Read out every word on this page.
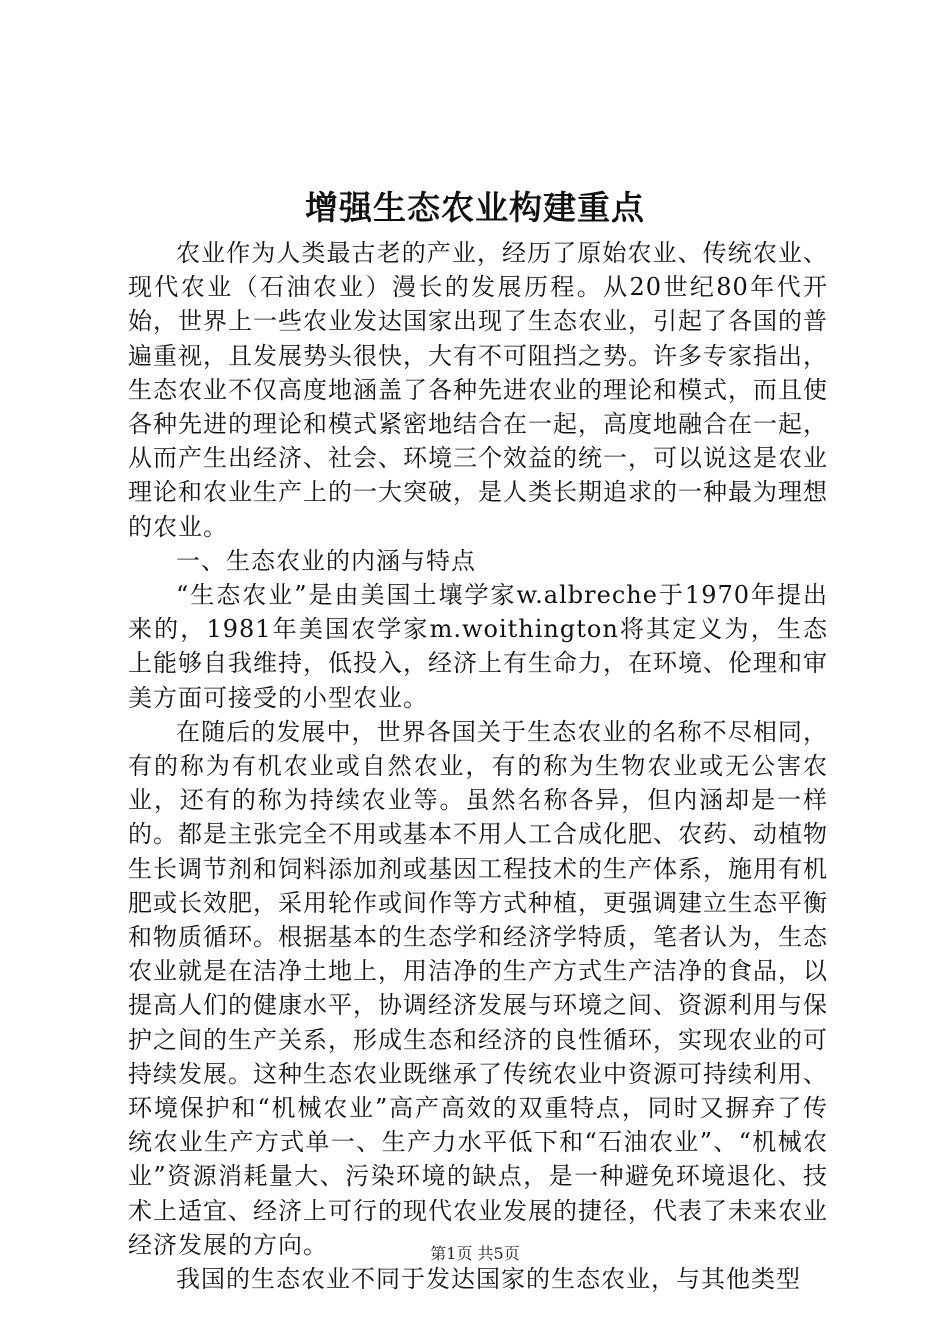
增强生态农业构建重点

农业作为人类最古老的产业，经历了原始农业、传统农业、现代农业（石油农业）漫长的发展历程。从20世纪80年代开始，世界上一些农业发达国家出现了生态农业，引起了各国的普遍重视，且发展势头很快，大有不可阻挡之势。许多专家指出，生态农业不仅高度地涵盖了各种先进农业的理论和模式，而且使各种先进的理论和模式紧密地结合在一起，高度地融合在一起，从而产生出经济、社会、环境三个效益的统一，可以说这是农业理论和农业生产上的一大突破，是人类长期追求的一种最为理想的农业。

一、生态农业的内涵与特点

“生态农业”是由美国土壤学家w.albreche于1970年提出来的，1981年美国农学家m.woithington将其定义为，生态上能够自我维持，低投入，经济上有生命力，在环境、伦理和审美方面可接受的小型农业。

在随后的发展中，世界各国关于生态农业的名称不尽相同，有的称为有机农业或自然农业，有的称为生物农业或无公害农业，还有的称为持续农业等。虽然名称各异，但内涵却是一样的。都是主张完全不用或基本不用人工合成化肥、农药、动植物生长调节剂和饲料添加剂或基因工程技术的生产体系，施用有机肥或长效肥，采用轮作或间作等方式种植，更强调建立生态平衡和物质循环。根据基本的生态学和经济学特质，笔者认为，生态农业就是在洁净土地上，用洁净的生产方式生产洁净的食品，以提高人们的健康水平，协调经济发展与环境之间、资源利用与保护之间的生产关系，形成生态和经济的良性循环，实现农业的可持续发展。这种生态农业既继承了传统农业中资源可持续利用、环境保护和“机械农业”高产高效的双重特点，同时又摒弃了传统农业生产方式单一、生产力水平低下和“石油农业”、“机械农业”资源消耗量大、污染环境的缺点，是一种避免环境退化、技术上适宜、经济上可行的现代农业发展的捷径，代表了未来农业经济发展的方向。

我国的生态农业不同于发达国家的生态农业，与其他类型

第1页 共5页
